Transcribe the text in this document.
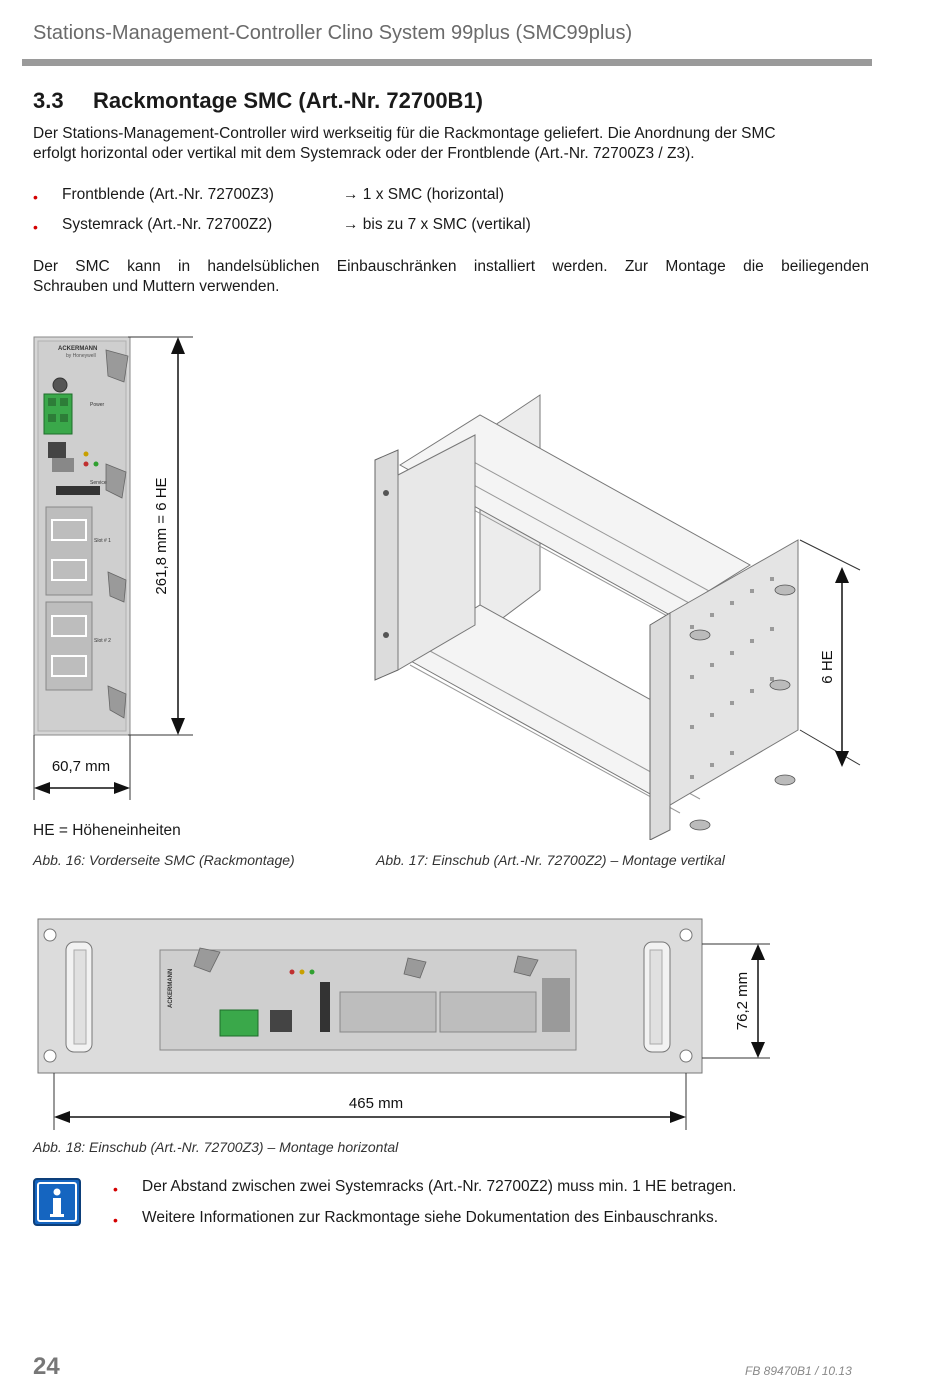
Stations-Management-Controller Clino System 99plus (SMC99plus)
3.3 Rackmontage SMC (Art.-Nr. 72700B1)
Der Stations-Management-Controller wird werkseitig für die Rackmontage geliefert. Die Anordnung der SMC
erfolgt horizontal oder vertikal mit dem Systemrack oder der Frontblende (Art.-Nr. 72700Z3 / Z3).
• Frontblende (Art.-Nr. 72700Z3)	→ 1 x SMC (horizontal)
• Systemrack (Art.-Nr. 72700Z2)	→ bis zu 7 x SMC (vertikal)
Der SMC kann in handelsüblichen Einbauschränken installiert werden. Zur Montage die beiliegenden
Schrauben und Muttern verwenden.
ACKERMANN
by Honeywell
Power
Service
Slot # 1
Slot # 2
261,8 mm = 6 HE
60,7 mm
HE = Höheneinheiten
Abb. 16: Vorderseite SMC (Rackmontage)
6 HE
Abb. 17: Einschub (Art.-Nr. 72700Z2) – Montage vertikal
ACKERMANN	76,2 mm
465 mm
Abb. 18: Einschub (Art.-Nr. 72700Z3) – Montage horizontal
• Der Abstand zwischen zwei Systemracks (Art.-Nr. 72700Z2) muss min. 1 HE betragen.
• Weitere Informationen zur Rackmontage siehe Dokumentation des Einbauschranks.
24	FB 89470B1 / 10.13
